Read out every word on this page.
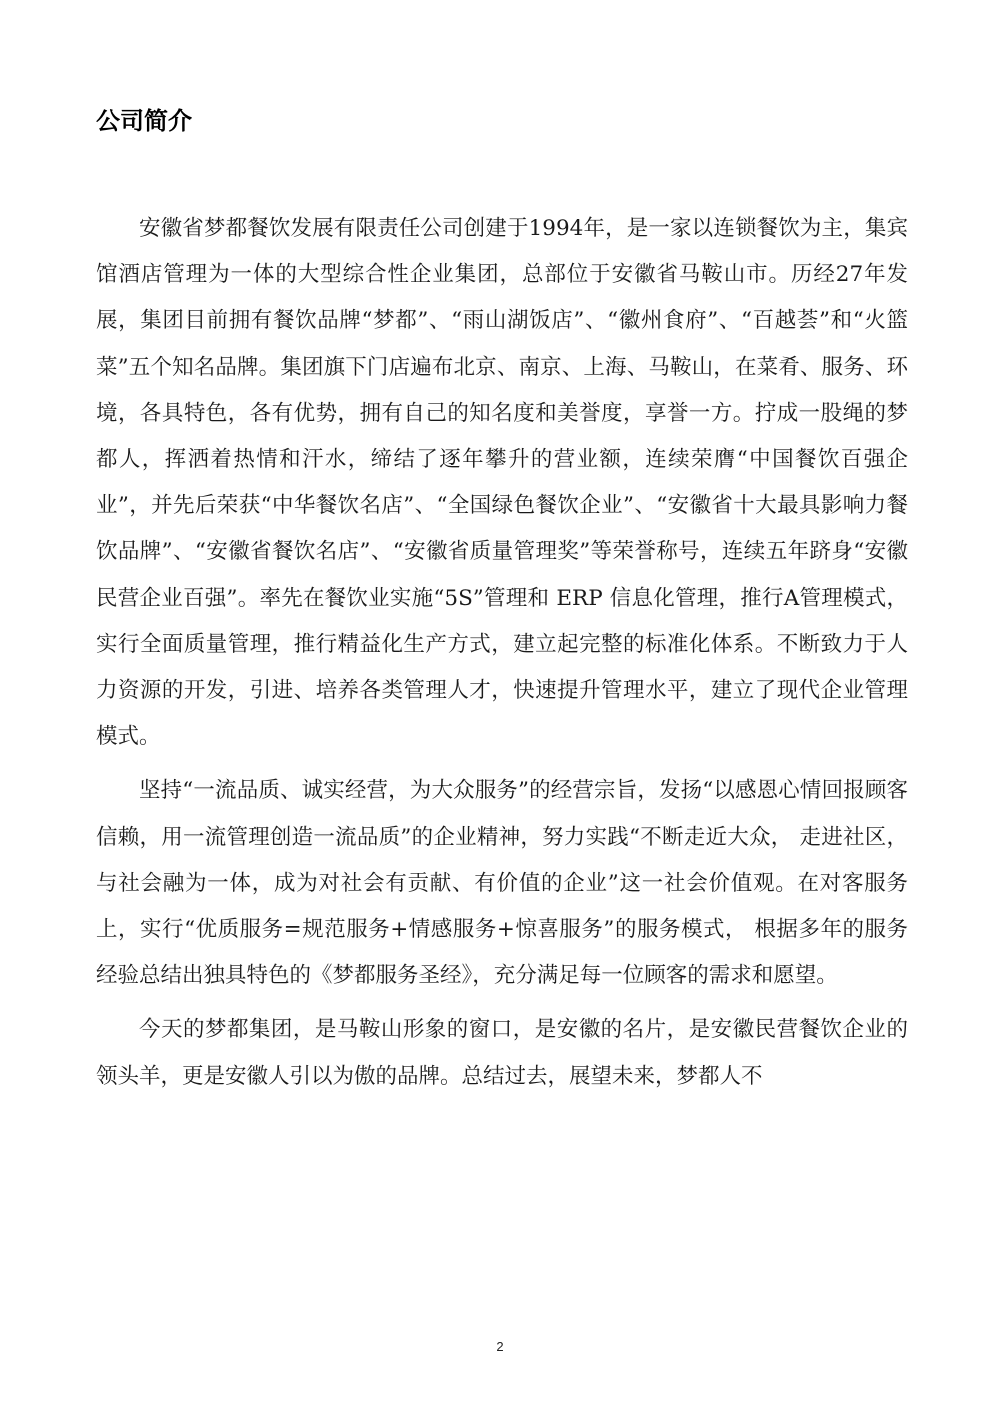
公司简介

安徽省梦都餐饮发展有限责任公司创建于1994年，是一家以连锁餐饮为主，集宾馆酒店管理为一体的大型综合性企业集团，总部位于安徽省马鞍山市。历经27年发展，集团目前拥有餐饮品牌“梦都”、“雨山湖饭店”、“徽州食府”、“百越荟”和“火篮菜”五个知名品牌。集团旗下门店遍布北京、南京、上海、马鞍山，在菜肴、服务、环境，各具特色，各有优势，拥有自己的知名度和美誉度，享誉一方。拧成一股绳的梦都人，挥洒着热情和汗水，缔结了逐年攀升的营业额，连续荣膺“中国餐饮百强企业”，并先后荣获“中华餐饮名店”、“全国绿色餐饮企业”、“安徽省十大最具影响力餐饮品牌”、“安徽省餐饮名店”、“安徽省质量管理奖”等荣誉称号，连续五年跻身“安徽民营企业百强”。率先在餐饮业实施“5S”管理和 ERP 信息化管理，推行A管理模式，实行全面质量管理，推行精益化生产方式，建立起完整的标准化体系。不断致力于人力资源的开发，引进、培养各类管理人才，快速提升管理水平，建立了现代企业管理模式。

坚持“一流品质、诚实经营，为大众服务”的经营宗旨，发扬“以感恩心情回报顾客信赖，用一流管理创造一流品质”的企业精神，努力实践“不断走近大众， 走进社区，与社会融为一体，成为对社会有贡献、有价值的企业”这一社会价值观。在对客服务上，实行“优质服务=规范服务+情感服务+惊喜服务”的服务模式， 根据多年的服务经验总结出独具特色的《梦都服务圣经》，充分满足每一位顾客的需求和愿望。

今天的梦都集团，是马鞍山形象的窗口，是安徽的名片，是安徽民营餐饮企业的领头羊，更是安徽人引以为傲的品牌。总结过去，展望未来，梦都人不

2
